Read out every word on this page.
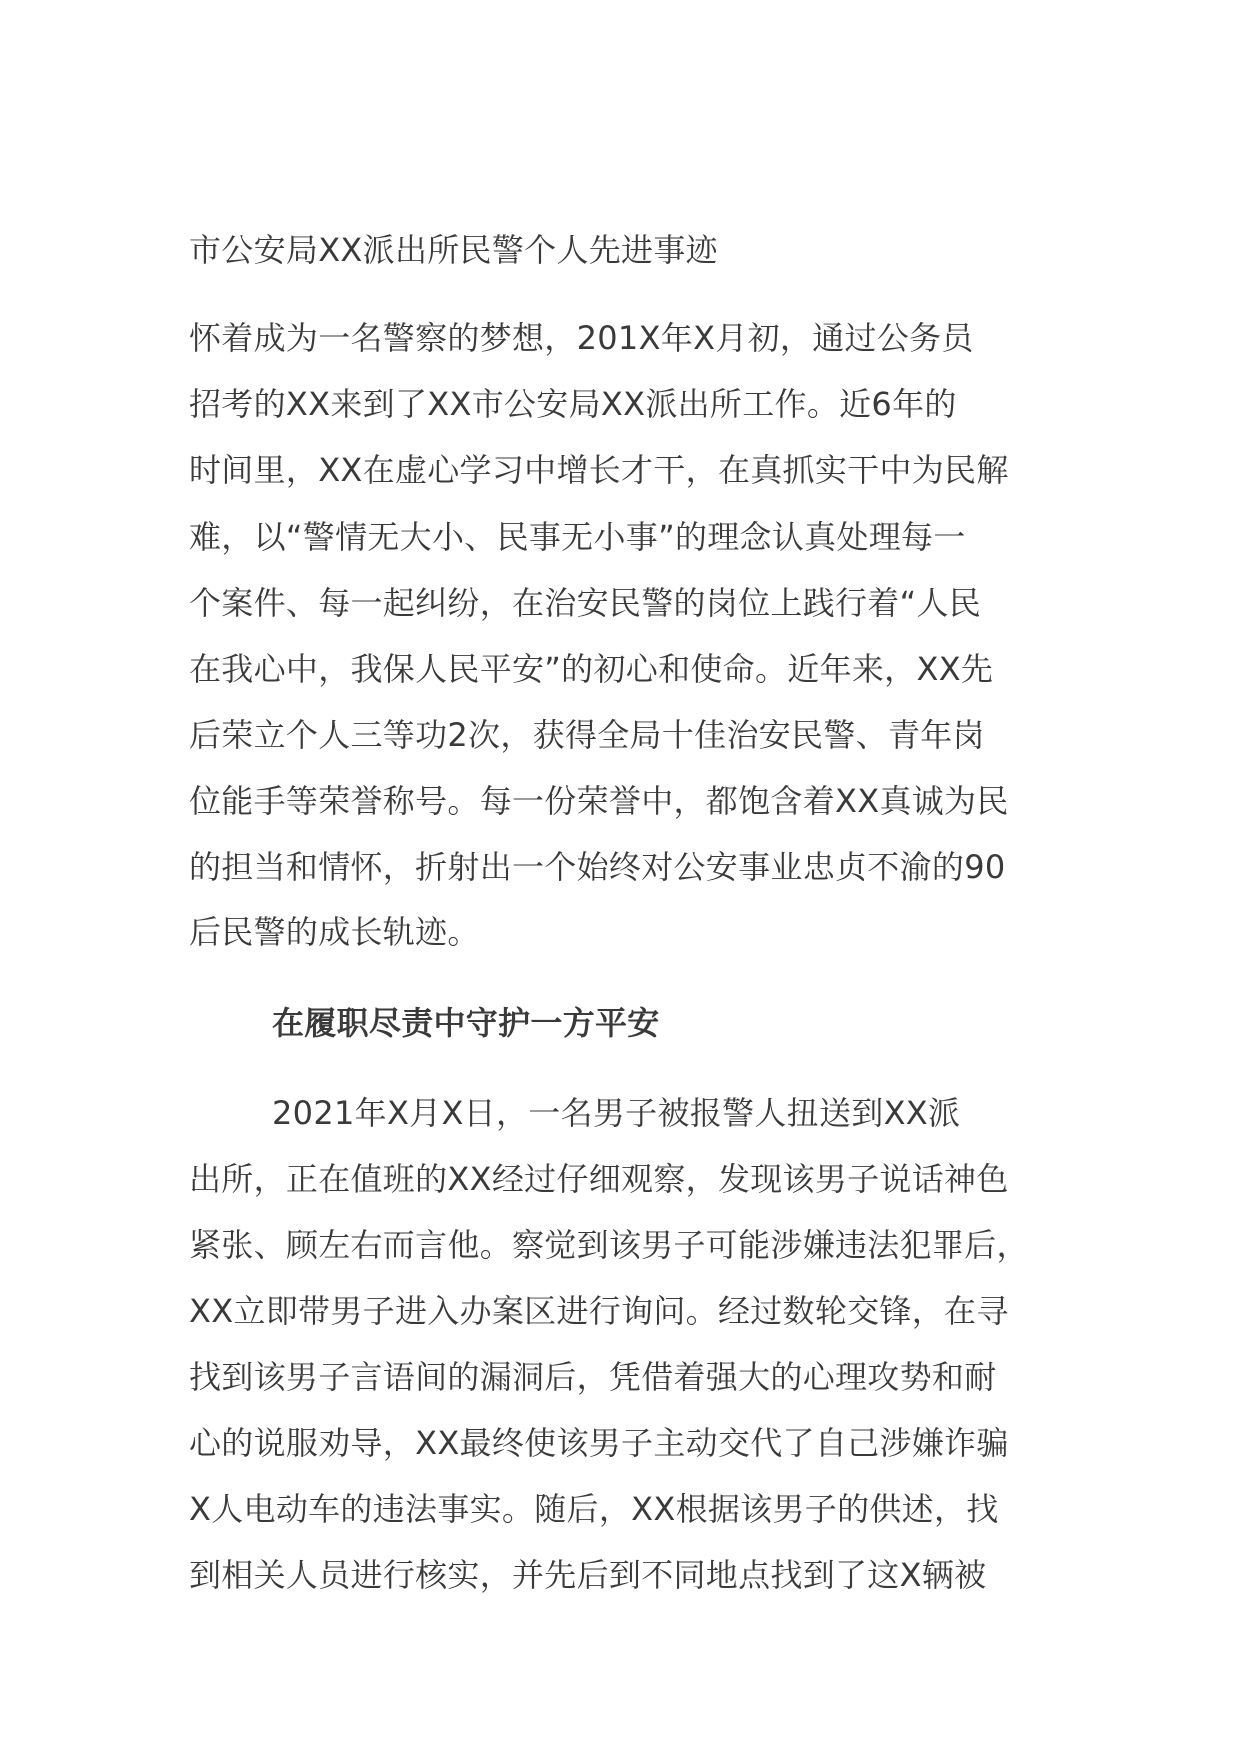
市公安局XX派出所民警个人先进事迹
怀着成为一名警察的梦想，201X年X月初，通过公务员
招考的XX来到了XX市公安局XX派出所工作。近6年的
时间里，XX在虚心学习中增长才干，在真抓实干中为民解
难，以“警情无大小、民事无小事”的理念认真处理每一
个案件、每一起纠纷，在治安民警的岗位上践行着“人民
在我心中，我保人民平安”的初心和使命。近年来，XX先
后荣立个人三等功2次，获得全局十佳治安民警、青年岗
位能手等荣誉称号。每一份荣誉中，都饱含着XX真诚为民
的担当和情怀，折射出一个始终对公安事业忠贞不渝的90
后民警的成长轨迹。
在履职尽责中守护一方平安
2021年X月X日，一名男子被报警人扭送到XX派
出所，正在值班的XX经过仔细观察，发现该男子说话神色
紧张、顾左右而言他。察觉到该男子可能涉嫌违法犯罪后，
XX立即带男子进入办案区进行询问。经过数轮交锋，在寻
找到该男子言语间的漏洞后，凭借着强大的心理攻势和耐
心的说服劝导，XX最终使该男子主动交代了自己涉嫌诈骗
X人电动车的违法事实。随后，XX根据该男子的供述，找
到相关人员进行核实，并先后到不同地点找到了这X辆被
